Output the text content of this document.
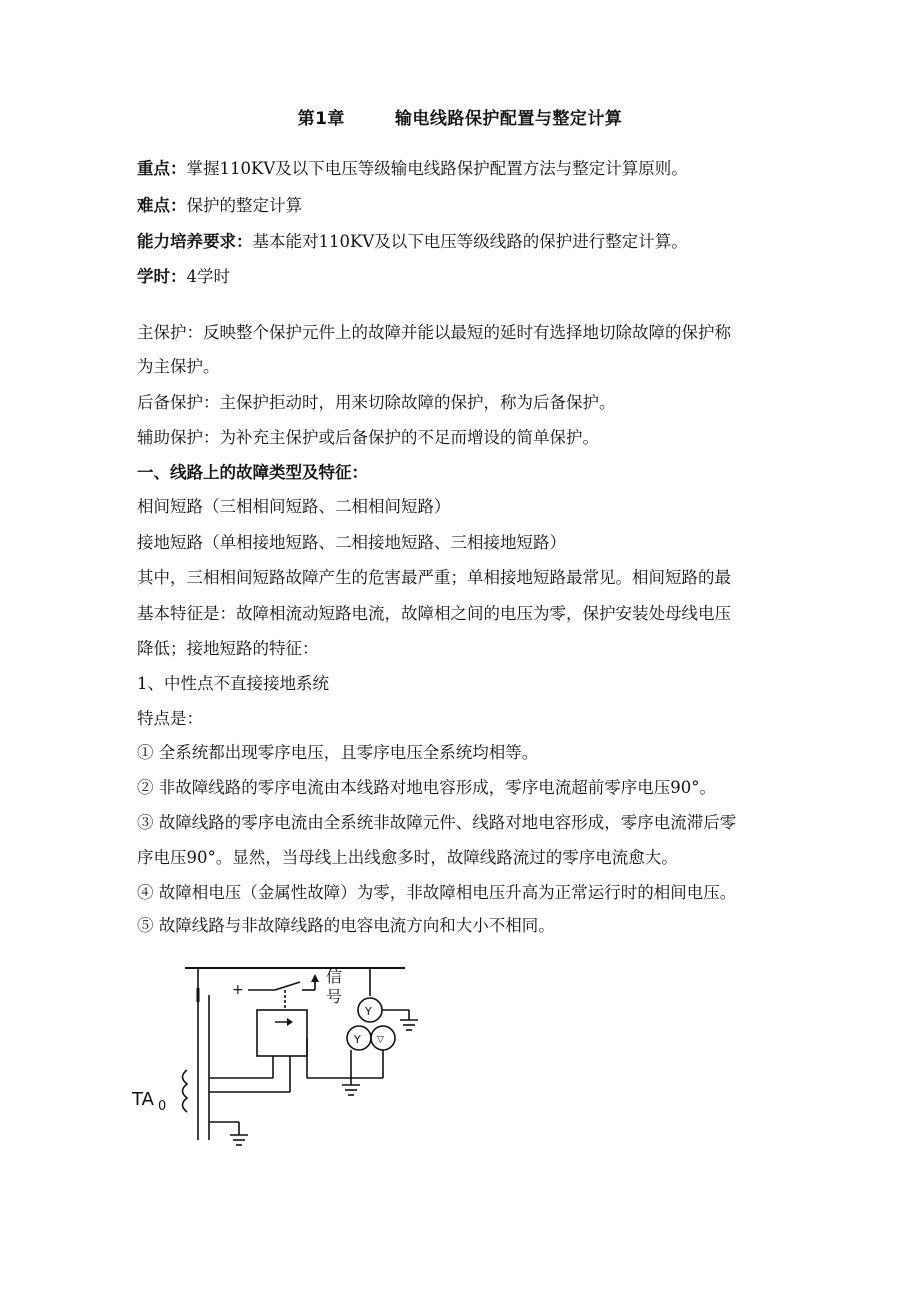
第1章	输电线路保护配置与整定计算
重点：掌握110KV及以下电压等级输电线路保护配置方法与整定计算原则。
难点：保护的整定计算
能力培养要求：基本能对110KV及以下电压等级线路的保护进行整定计算。
学时：4学时
主保护：反映整个保护元件上的故障并能以最短的延时有选择地切除故障的保护称
为主保护。
后备保护：主保护拒动时，用来切除故障的保护，称为后备保护。
辅助保护：为补充主保护或后备保护的不足而增设的简单保护。
一、线路上的故障类型及特征：
相间短路（三相相间短路、二相相间短路）
接地短路（单相接地短路、二相接地短路、三相接地短路）
其中，三相相间短路故障产生的危害最严重；单相接地短路最常见。相间短路的最
基本特征是：故障相流动短路电流，故障相之间的电压为零，保护安装处母线电压
降低；接地短路的特征：
1、中性点不直接接地系统
特点是：
① 全系统都出现零序电压，且零序电压全系统均相等。
② 非故障线路的零序电流由本线路对地电容形成，零序电流超前零序电压90°。
③ 故障线路的零序电流由全系统非故障元件、线路对地电容形成，零序电流滞后零
序电压90°。显然，当母线上出线愈多时，故障线路流过的零序电流愈大。
④ 故障相电压（金属性故障）为零，非故障相电压升高为正常运行时的相间电压。
⑤ 故障线路与非故障线路的电容电流方向和大小不相同。
TA 0
+
信
号
Y
Y ▽
